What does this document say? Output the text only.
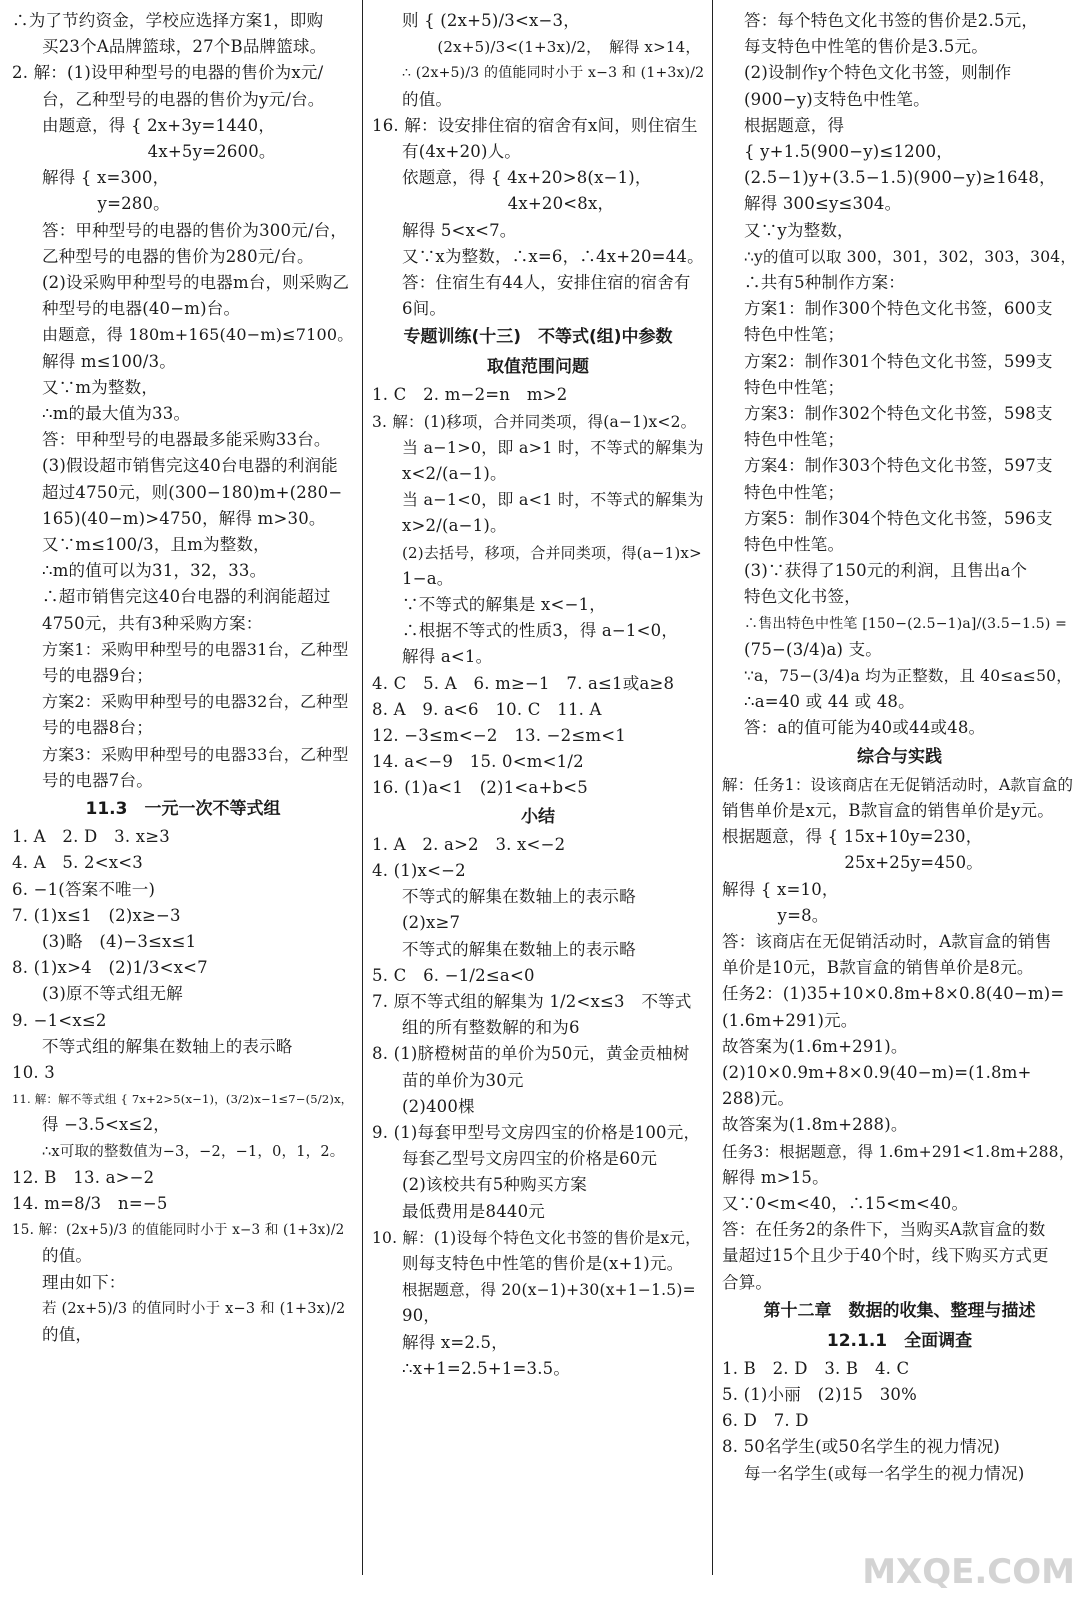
∴为了节约资金，学校应选择方案1，即购
买23个A品牌篮球，27个B品牌篮球。
2. 解：(1)设甲种型号的电器的售价为x元/
台，乙种型号的电器的售价为y元/台。
由题意，得 { 2x+3y=1440，
　　　　　　 4x+5y=2600。
解得 { x=300，
　　　 y=280。
答：甲种型号的电器的售价为300元/台，
乙种型号的电器的售价为280元/台。
(2)设采购甲种型号的电器m台，则采购乙
种型号的电器(40−m)台。
由题意，得 180m+165(40−m)≤7100。
解得 m≤100/3。
又∵m为整数，
∴m的最大值为33。
答：甲种型号的电器最多能采购33台。
(3)假设超市销售完这40台电器的利润能
超过4750元，则(300−180)m+(280−
165)(40−m)>4750，解得 m>30。
又∵m≤100/3，且m为整数，
∴m的值可以为31，32，33。
∴超市销售完这40台电器的利润能超过
4750元，共有3种采购方案：
方案1：采购甲种型号的电器31台，乙种型
号的电器9台；
方案2：采购甲种型号的电器32台，乙种型
号的电器8台；
方案3：采购甲种型号的电器33台，乙种型
号的电器7台。
11.3　一元一次不等式组
1. A　2. D　3. x≥3
4. A　5. 2<x<3
6. −1(答案不唯一)
7. (1)x≤1　(2)x≥−3
(3)略　(4)−3≤x≤1
8. (1)x>4　(2)1/3<x<7
(3)原不等式组无解
9. −1<x≤2
不等式组的解集在数轴上的表示略
10. 3
11. 解：解不等式组 { 7x+2>5(x−1)，(3/2)x−1≤7−(5/2)x，
得 −3.5<x≤2，
∴x可取的整数值为−3，−2，−1，0，1，2。
12. B　13. a>−2
14. m=8/3　n=−5
15. 解：(2x+5)/3 的值能同时小于 x−3 和 (1+3x)/2
的值。
理由如下：
若 (2x+5)/3 的值同时小于 x−3 和 (1+3x)/2
的值，
则 { (2x+5)/3<x−3，
　　 (2x+5)/3<(1+3x)/2，　解得 x>14，
∴ (2x+5)/3 的值能同时小于 x−3 和 (1+3x)/2
的值。
16. 解：设安排住宿的宿舍有x间，则住宿生
有(4x+20)人。
依题意，得 { 4x+20>8(x−1)，
　　　　　　 4x+20<8x，
解得 5<x<7。
又∵x为整数，∴x=6，∴4x+20=44。
答：住宿生有44人，安排住宿的宿舍有
6间。
专题训练(十三)　不等式(组)中参数
取值范围问题
1. C　2. m−2=n　m>2
3. 解：(1)移项，合并同类项，得(a−1)x<2。
当 a−1>0，即 a>1 时，不等式的解集为
x<2/(a−1)。
当 a−1<0，即 a<1 时，不等式的解集为
x>2/(a−1)。
(2)去括号，移项，合并同类项，得(a−1)x>
1−a。
∵不等式的解集是 x<−1，
∴根据不等式的性质3，得 a−1<0，
解得 a<1。
4. C　5. A　6. m≥−1　7. a≤1或a≥8
8. A　9. a<6　10. C　11. A
12. −3≤m<−2　13. −2≤m<1
14. a<−9　15. 0<m<1/2
16. (1)a<1　(2)1<a+b<5
小结
1. A　2. a>2　3. x<−2
4. (1)x<−2
不等式的解集在数轴上的表示略
(2)x≥7
不等式的解集在数轴上的表示略
5. C　6. −1/2≤a<0
7. 原不等式组的解集为 1/2<x≤3　不等式
组的所有整数解的和为6
8. (1)脐橙树苗的单价为50元，黄金贡柚树
苗的单价为30元
(2)400棵
9. (1)每套甲型号文房四宝的价格是100元，
每套乙型号文房四宝的价格是60元
(2)该校共有5种购买方案
最低费用是8440元
10. 解：(1)设每个特色文化书签的售价是x元，
则每支特色中性笔的售价是(x+1)元。
根据题意，得 20(x−1)+30(x+1−1.5)=
90，
解得 x=2.5，
∴x+1=2.5+1=3.5。
答：每个特色文化书签的售价是2.5元，
每支特色中性笔的售价是3.5元。
(2)设制作y个特色文化书签，则制作
(900−y)支特色中性笔。
根据题意，得
{ y+1.5(900−y)≤1200，
(2.5−1)y+(3.5−1.5)(900−y)≥1648，
解得 300≤y≤304。
又∵y为整数，
∴y的值可以取 300，301，302，303，304，
∴共有5种制作方案：
方案1：制作300个特色文化书签，600支
特色中性笔；
方案2：制作301个特色文化书签，599支
特色中性笔；
方案3：制作302个特色文化书签，598支
特色中性笔；
方案4：制作303个特色文化书签，597支
特色中性笔；
方案5：制作304个特色文化书签，596支
特色中性笔。
(3)∵获得了150元的利润，且售出a个
特色文化书签，
∴售出特色中性笔 [150−(2.5−1)a]/(3.5−1.5) =
(75−(3/4)a) 支。
∵a，75−(3/4)a 均为正整数，且 40≤a≤50，
∴a=40 或 44 或 48。
答：a的值可能为40或44或48。
综合与实践
解：任务1：设该商店在无促销活动时，A款盲盒的
销售单价是x元，B款盲盒的销售单价是y元。
根据题意，得 { 15x+10y=230，
　　　　　　　 25x+25y=450。
解得 { x=10，
　　　 y=8。
答：该商店在无促销活动时，A款盲盒的销售
单价是10元，B款盲盒的销售单价是8元。
任务2：(1)35+10×0.8m+8×0.8(40−m)=
(1.6m+291)元。
故答案为(1.6m+291)。
(2)10×0.9m+8×0.9(40−m)=(1.8m+
288)元。
故答案为(1.8m+288)。
任务3：根据题意，得 1.6m+291<1.8m+288，
解得 m>15。
又∵0<m<40，∴15<m<40。
答：在任务2的条件下，当购买A款盲盒的数
量超过15个且少于40个时，线下购买方式更
合算。
第十二章　数据的收集、整理与描述
12.1.1　全面调查
1. B　2. D　3. B　4. C
5. (1)小丽　(2)15　30%
6. D　7. D
8. 50名学生(或50名学生的视力情况)
每一名学生(或每一名学生的视力情况)
MXQE.COM
